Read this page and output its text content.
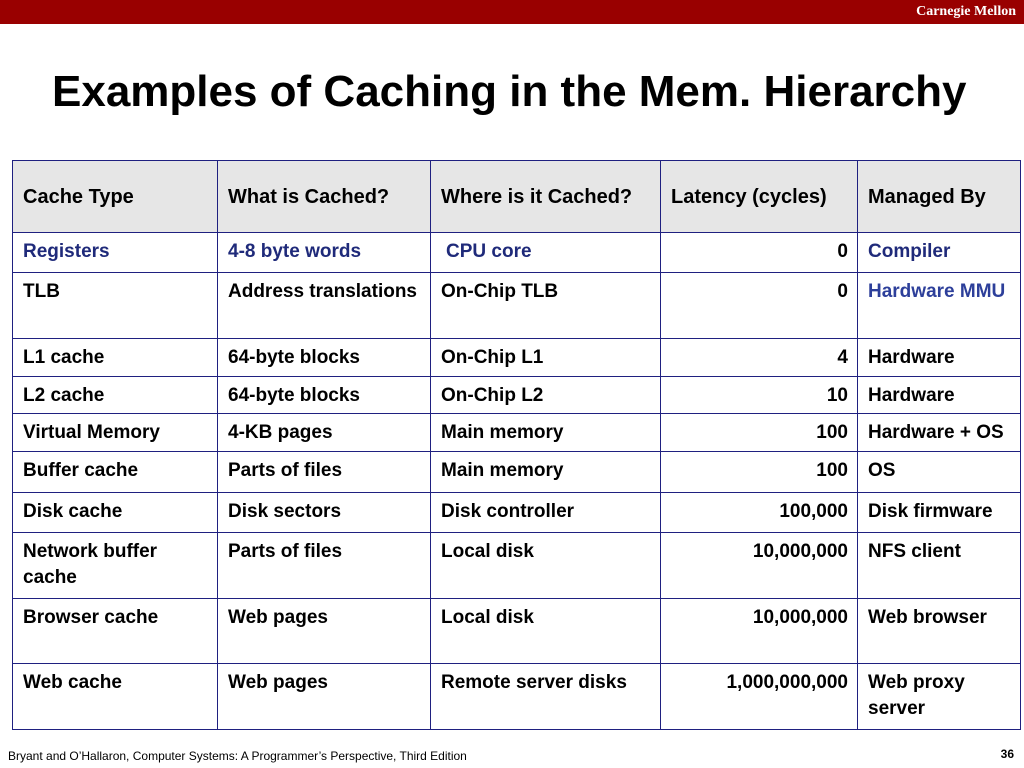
Carnegie Mellon
Examples of Caching in the Mem. Hierarchy
Cache Type	What is Cached?	Where is it Cached?	Latency (cycles)	Managed By
Registers	4-8 byte words	CPU core	0	Compiler
TLB	Address translations	On-Chip TLB	0	Hardware MMU
L1 cache	64-byte blocks	On-Chip L1	4	Hardware
L2 cache	64-byte blocks	On-Chip L2	10	Hardware
Virtual Memory	4-KB pages	Main memory	100	Hardware + OS
Buffer cache	Parts of files	Main memory	100	OS
Disk cache	Disk sectors	Disk controller	100,000	Disk firmware
Network buffer cache	Parts of files	Local disk	10,000,000	NFS client
Browser cache	Web pages	Local disk	10,000,000	Web browser
Web cache	Web pages	Remote server disks	1,000,000,000	Web proxy server
Bryant and O’Hallaron, Computer Systems: A Programmer’s Perspective, Third Edition	36
